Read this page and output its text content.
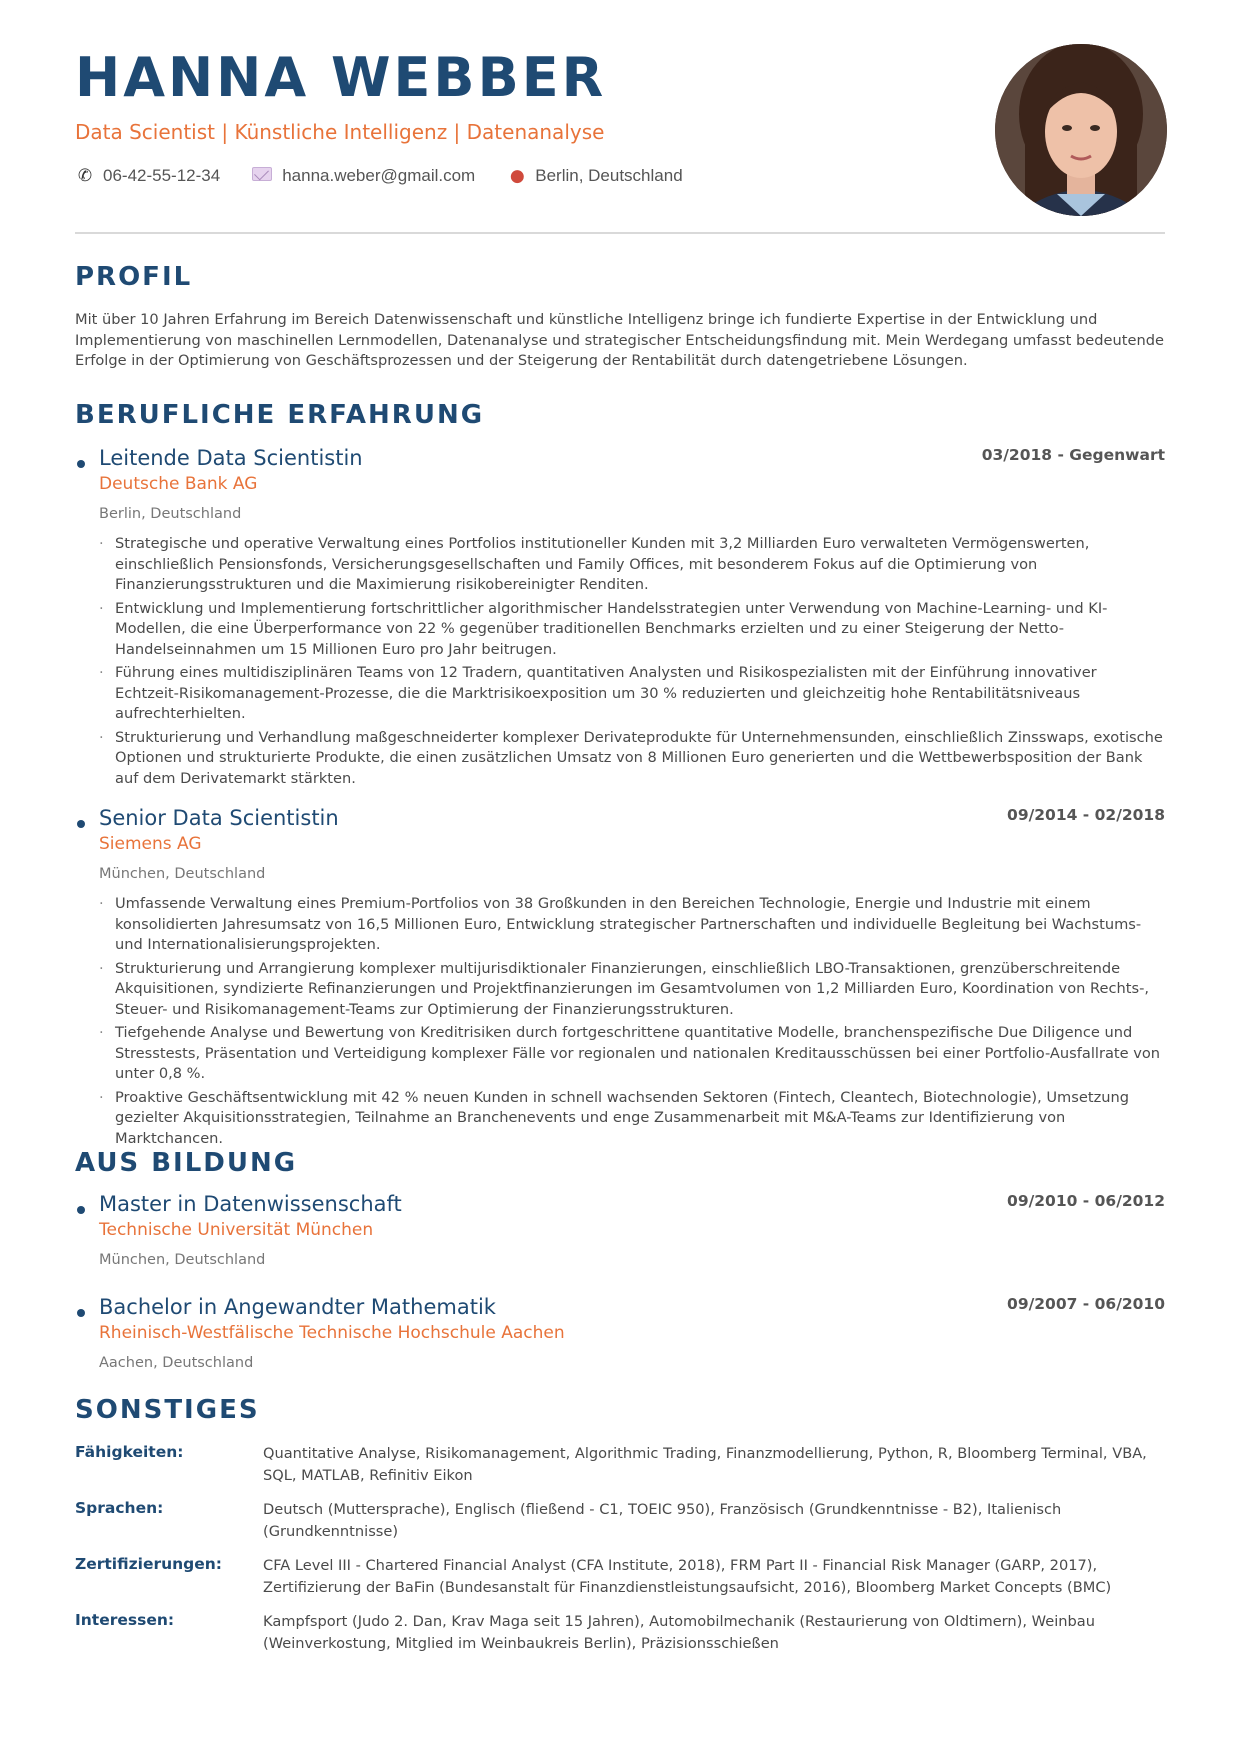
HANNA WEBBER
Data Scientist | Künstliche Intelligenz | Datenanalyse
✆ 06-42-55-12-34	hanna.weber@gmail.com ● Berlin, Deutschland
PROFIL
Mit über 10 Jahren Erfahrung im Bereich Datenwissenschaft und künstliche Intelligenz bringe ich fundierte Expertise in der Entwicklung und Implementierung von maschinellen Lernmodellen, Datenanalyse und strategischer Entscheidungsfindung mit. Mein Werdegang umfasst bedeutende Erfolge in der Optimierung von Geschäftsprozessen und der Steigerung der Rentabilität durch datengetriebene Lösungen.
BERUFLICHE ERFAHRUNG
Leitende Data Scientistin	03/2018 - Gegenwart
Deutsche Bank AG
Berlin, Deutschland
· Strategische und operative Verwaltung eines Portfolios institutioneller Kunden mit 3,2 Milliarden Euro verwalteten Vermögenswerten, einschließlich Pensionsfonds, Versicherungsgesellschaften und Family Offices, mit besonderem Fokus auf die Optimierung von Finanzierungsstrukturen und die Maximierung risikobereinigter Renditen.
· Entwicklung und Implementierung fortschrittlicher algorithmischer Handelsstrategien unter Verwendung von Machine-Learning- und KI-Modellen, die eine Überperformance von 22 % gegenüber traditionellen Benchmarks erzielten und zu einer Steigerung der Netto-Handelseinnahmen um 15 Millionen Euro pro Jahr beitrugen.
· Führung eines multidisziplinären Teams von 12 Tradern, quantitativen Analysten und Risikospezialisten mit der Einführung innovativer Echtzeit-Risikomanagement-Prozesse, die die Marktrisikoexposition um 30 % reduzierten und gleichzeitig hohe Rentabilitätsniveaus aufrechterhielten.
· Strukturierung und Verhandlung maßgeschneiderter komplexer Derivateprodukte für Unternehmensunden, einschließlich Zinsswaps, exotische Optionen und strukturierte Produkte, die einen zusätzlichen Umsatz von 8 Millionen Euro generierten und die Wettbewerbsposition der Bank auf dem Derivatemarkt stärkten.
Senior Data Scientistin	09/2014 - 02/2018
Siemens AG
München, Deutschland
· Umfassende Verwaltung eines Premium-Portfolios von 38 Großkunden in den Bereichen Technologie, Energie und Industrie mit einem konsolidierten Jahresumsatz von 16,5 Millionen Euro, Entwicklung strategischer Partnerschaften und individuelle Begleitung bei Wachstums- und Internationalisierungsprojekten.
· Strukturierung und Arrangierung komplexer multijurisdiktionaler Finanzierungen, einschließlich LBO-Transaktionen, grenzüberschreitende Akquisitionen, syndizierte Refinanzierungen und Projektfinanzierungen im Gesamtvolumen von 1,2 Milliarden Euro, Koordination von Rechts-, Steuer- und Risikomanagement-Teams zur Optimierung der Finanzierungsstrukturen.
· Tiefgehende Analyse und Bewertung von Kreditrisiken durch fortgeschrittene quantitative Modelle, branchenspezifische Due Diligence und Stresstests, Präsentation und Verteidigung komplexer Fälle vor regionalen und nationalen Kreditausschüssen bei einer Portfolio-Ausfallrate von unter 0,8 %.
· Proaktive Geschäftsentwicklung mit 42 % neuen Kunden in schnell wachsenden Sektoren (Fintech, Cleantech, Biotechnologie), Umsetzung gezielter Akquisitionsstrategien, Teilnahme an Branchenevents und enge Zusammenarbeit mit M&A-Teams zur Identifizierung von Marktchancen.
AUS BILDUNG
Master in Datenwissenschaft	09/2010 - 06/2012
Technische Universität München
München, Deutschland
Bachelor in Angewandter Mathematik	09/2007 - 06/2010
Rheinisch-Westfälische Technische Hochschule Aachen
Aachen, Deutschland
SONSTIGES
Fähigkeiten:	Quantitative Analyse, Risikomanagement, Algorithmic Trading, Finanzmodellierung, Python, R, Bloomberg Terminal, VBA, SQL, MATLAB, Refinitiv Eikon
Sprachen:	Deutsch (Muttersprache), Englisch (fließend - C1, TOEIC 950), Französisch (Grundkenntnisse - B2), Italienisch (Grundkenntnisse)
Zertifizierungen:	CFA Level III - Chartered Financial Analyst (CFA Institute, 2018), FRM Part II - Financial Risk Manager (GARP, 2017), Zertifizierung der BaFin (Bundesanstalt für Finanzdienstleistungsaufsicht, 2016), Bloomberg Market Concepts (BMC)
Interessen:	Kampfsport (Judo 2. Dan, Krav Maga seit 15 Jahren), Automobilmechanik (Restaurierung von Oldtimern), Weinbau (Weinverkostung, Mitglied im Weinbaukreis Berlin), Präzisionsschießen
